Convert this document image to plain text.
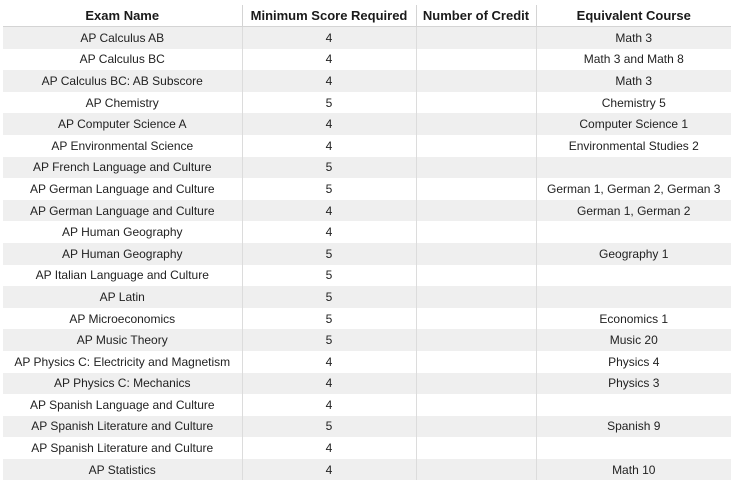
Exam Name	Minimum Score Required	Number of Credit	Equivalent Course
AP Calculus AB	4		Math 3
AP Calculus BC	4		Math 3 and Math 8
AP Calculus BC: AB Subscore	4		Math 3
AP Chemistry	5		Chemistry 5
AP Computer Science A	4		Computer Science 1
AP Environmental Science	4		Environmental Studies 2
AP French Language and Culture	5		
AP German Language and Culture	5		German 1, German 2, German 3
AP German Language and Culture	4		German 1, German 2
AP Human Geography	4		
AP Human Geography	5		Geography 1
AP Italian Language and Culture	5		
AP Latin	5		
AP Microeconomics	5		Economics 1
AP Music Theory	5		Music 20
AP Physics C: Electricity and Magnetism	4		Physics 4
AP Physics C: Mechanics	4		Physics 3
AP Spanish Language and Culture	4		
AP Spanish Literature and Culture	5		Spanish 9
AP Spanish Literature and Culture	4		
AP Statistics	4		Math 10
